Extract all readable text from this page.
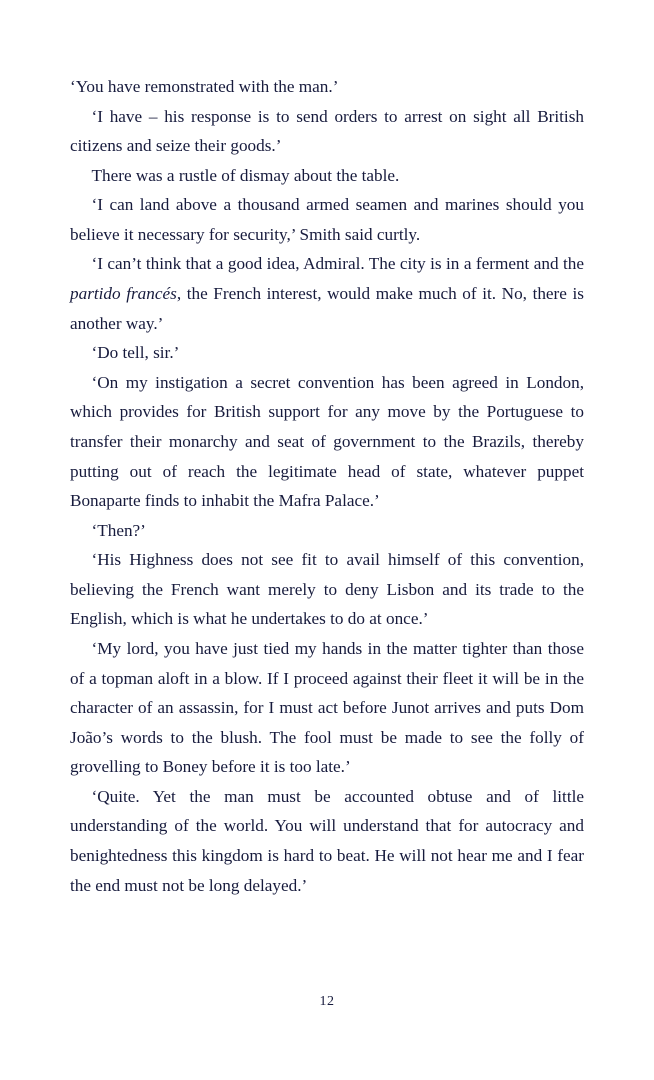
‘You have remonstrated with the man.’

‘I have – his response is to send orders to arrest on sight all British citizens and seize their goods.’

There was a rustle of dismay about the table.

‘I can land above a thousand armed seamen and marines should you believe it necessary for security,’ Smith said curtly.

‘I can’t think that a good idea, Admiral. The city is in a ferment and the partido francés, the French interest, would make much of it. No, there is another way.’

‘Do tell, sir.’

‘On my instigation a secret convention has been agreed in London, which provides for British support for any move by the Portuguese to transfer their monarchy and seat of government to the Brazils, thereby putting out of reach the legitimate head of state, whatever puppet Bonaparte finds to inhabit the Mafra Palace.’

‘Then?’

‘His Highness does not see fit to avail himself of this convention, believing the French want merely to deny Lisbon and its trade to the English, which is what he undertakes to do at once.’

‘My lord, you have just tied my hands in the matter tighter than those of a topman aloft in a blow. If I proceed against their fleet it will be in the character of an assassin, for I must act before Junot arrives and puts Dom João’s words to the blush. The fool must be made to see the folly of grovelling to Boney before it is too late.’

‘Quite. Yet the man must be accounted obtuse and of little understanding of the world. You will understand that for autocracy and benightedness this kingdom is hard to beat. He will not hear me and I fear the end must not be long delayed.’

12
